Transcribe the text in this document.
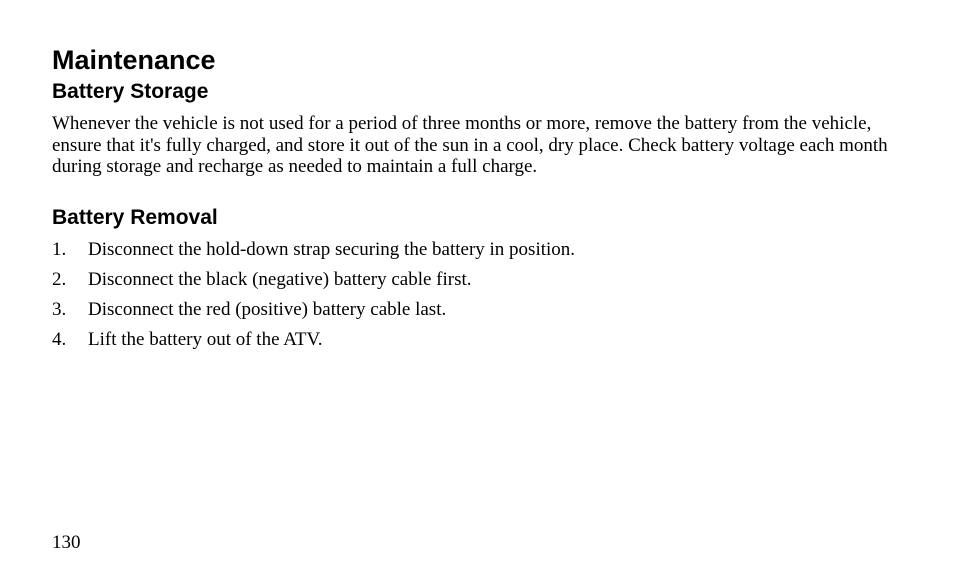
Maintenance
Battery Storage

Whenever the vehicle is not used for a period of three months or more, remove the battery from the vehicle, ensure that it's fully charged, and store it out of the sun in a cool, dry place. Check battery voltage each month during storage and recharge as needed to maintain a full charge.

Battery Removal
1.	Disconnect the hold-down strap securing the battery in position.
2.	Disconnect the black (negative) battery cable first.
3.	Disconnect the red (positive) battery cable last.
4.	Lift the battery out of the ATV.
130
